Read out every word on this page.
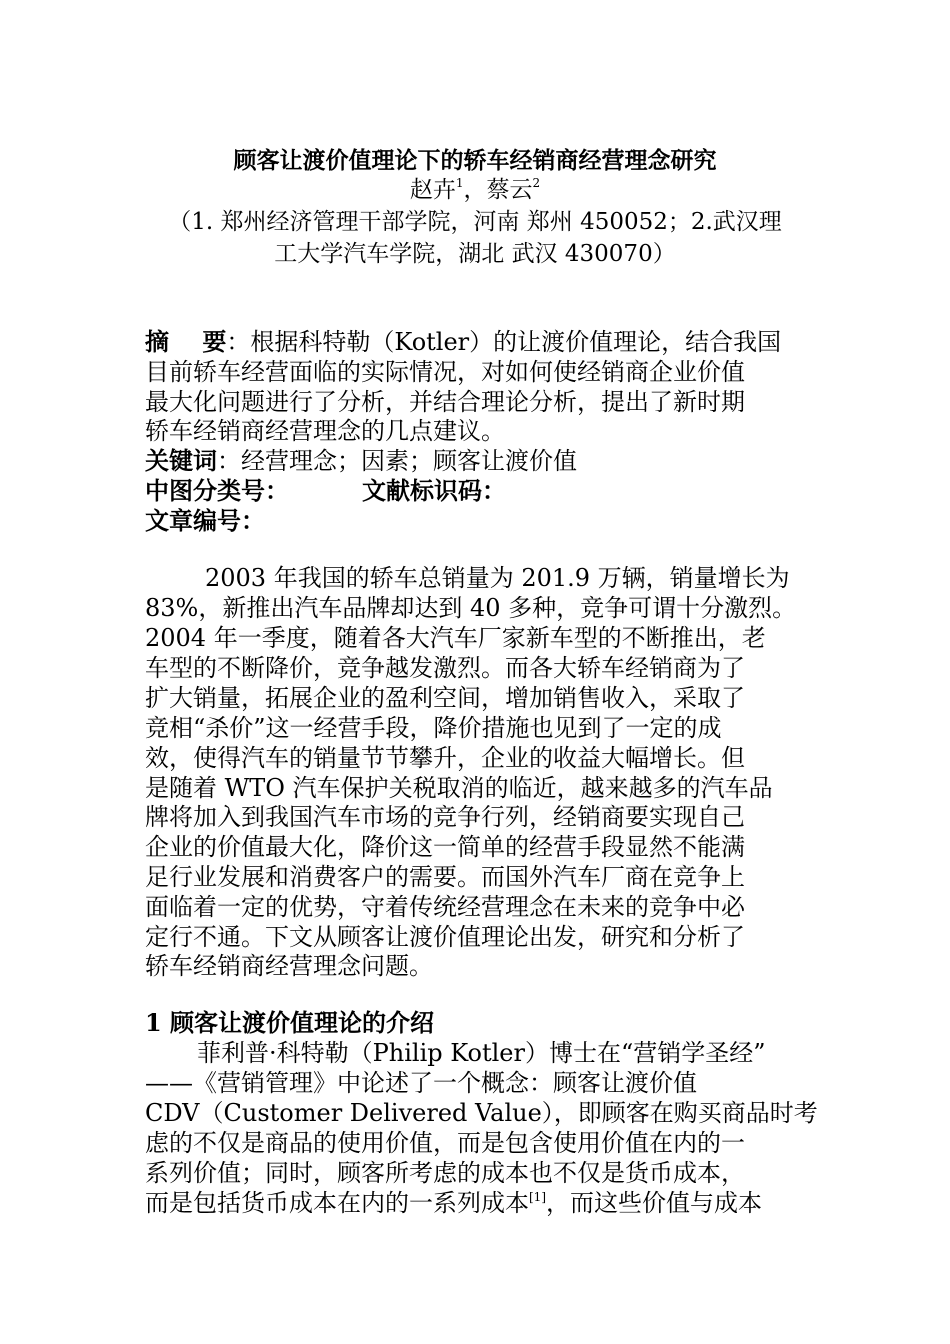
顾客让渡价值理论下的轿车经销商经营理念研究
赵卉$^1$，蔡云$^2$
（1. 郑州经济管理干部学院，河南 郑州 450052；2.武汉理
工大学汽车学院，湖北 武汉 430070）
摘    要：根据科特勒（Kotler）的让渡价值理论，结合我国
目前轿车经营面临的实际情况，对如何使经销商企业价值
最大化问题进行了分析，并结合理论分析，提出了新时期
轿车经销商经营理念的几点建议。
关键词：经营理念；因素；顾客让渡价值
中图分类号：	文献标识码：
文章编号：
2003 年我国的轿车总销量为 201.9 万辆，销量增长为
83%，新推出汽车品牌却达到 40 多种，竞争可谓十分激烈。
2004 年一季度，随着各大汽车厂家新车型的不断推出，老
车型的不断降价，竞争越发激烈。而各大轿车经销商为了
扩大销量，拓展企业的盈利空间，增加销售收入，采取了
竞相“杀价”这一经营手段，降价措施也见到了一定的成
效，使得汽车的销量节节攀升，企业的收益大幅增长。但
是随着 WTO 汽车保护关税取消的临近，越来越多的汽车品
牌将加入到我国汽车市场的竞争行列，经销商要实现自己
企业的价值最大化，降价这一简单的经营手段显然不能满
足行业发展和消费客户的需要。而国外汽车厂商在竞争上
面临着一定的优势，守着传统经营理念在未来的竞争中必
定行不通。下文从顾客让渡价值理论出发，研究和分析了
轿车经销商经营理念问题。
1 顾客让渡价值理论的介绍
菲利普·科特勒（Philip Kotler）博士在“营销学圣经”
——《营销管理》中论述了一个概念：顾客让渡价值
CDV（Customer Delivered Value），即顾客在购买商品时考
虑的不仅是商品的使用价值，而是包含使用价值在内的一
系列价值；同时，顾客所考虑的成本也不仅是货币成本，
而是包括货币成本在内的一系列成本[1]，而这些价值与成本
